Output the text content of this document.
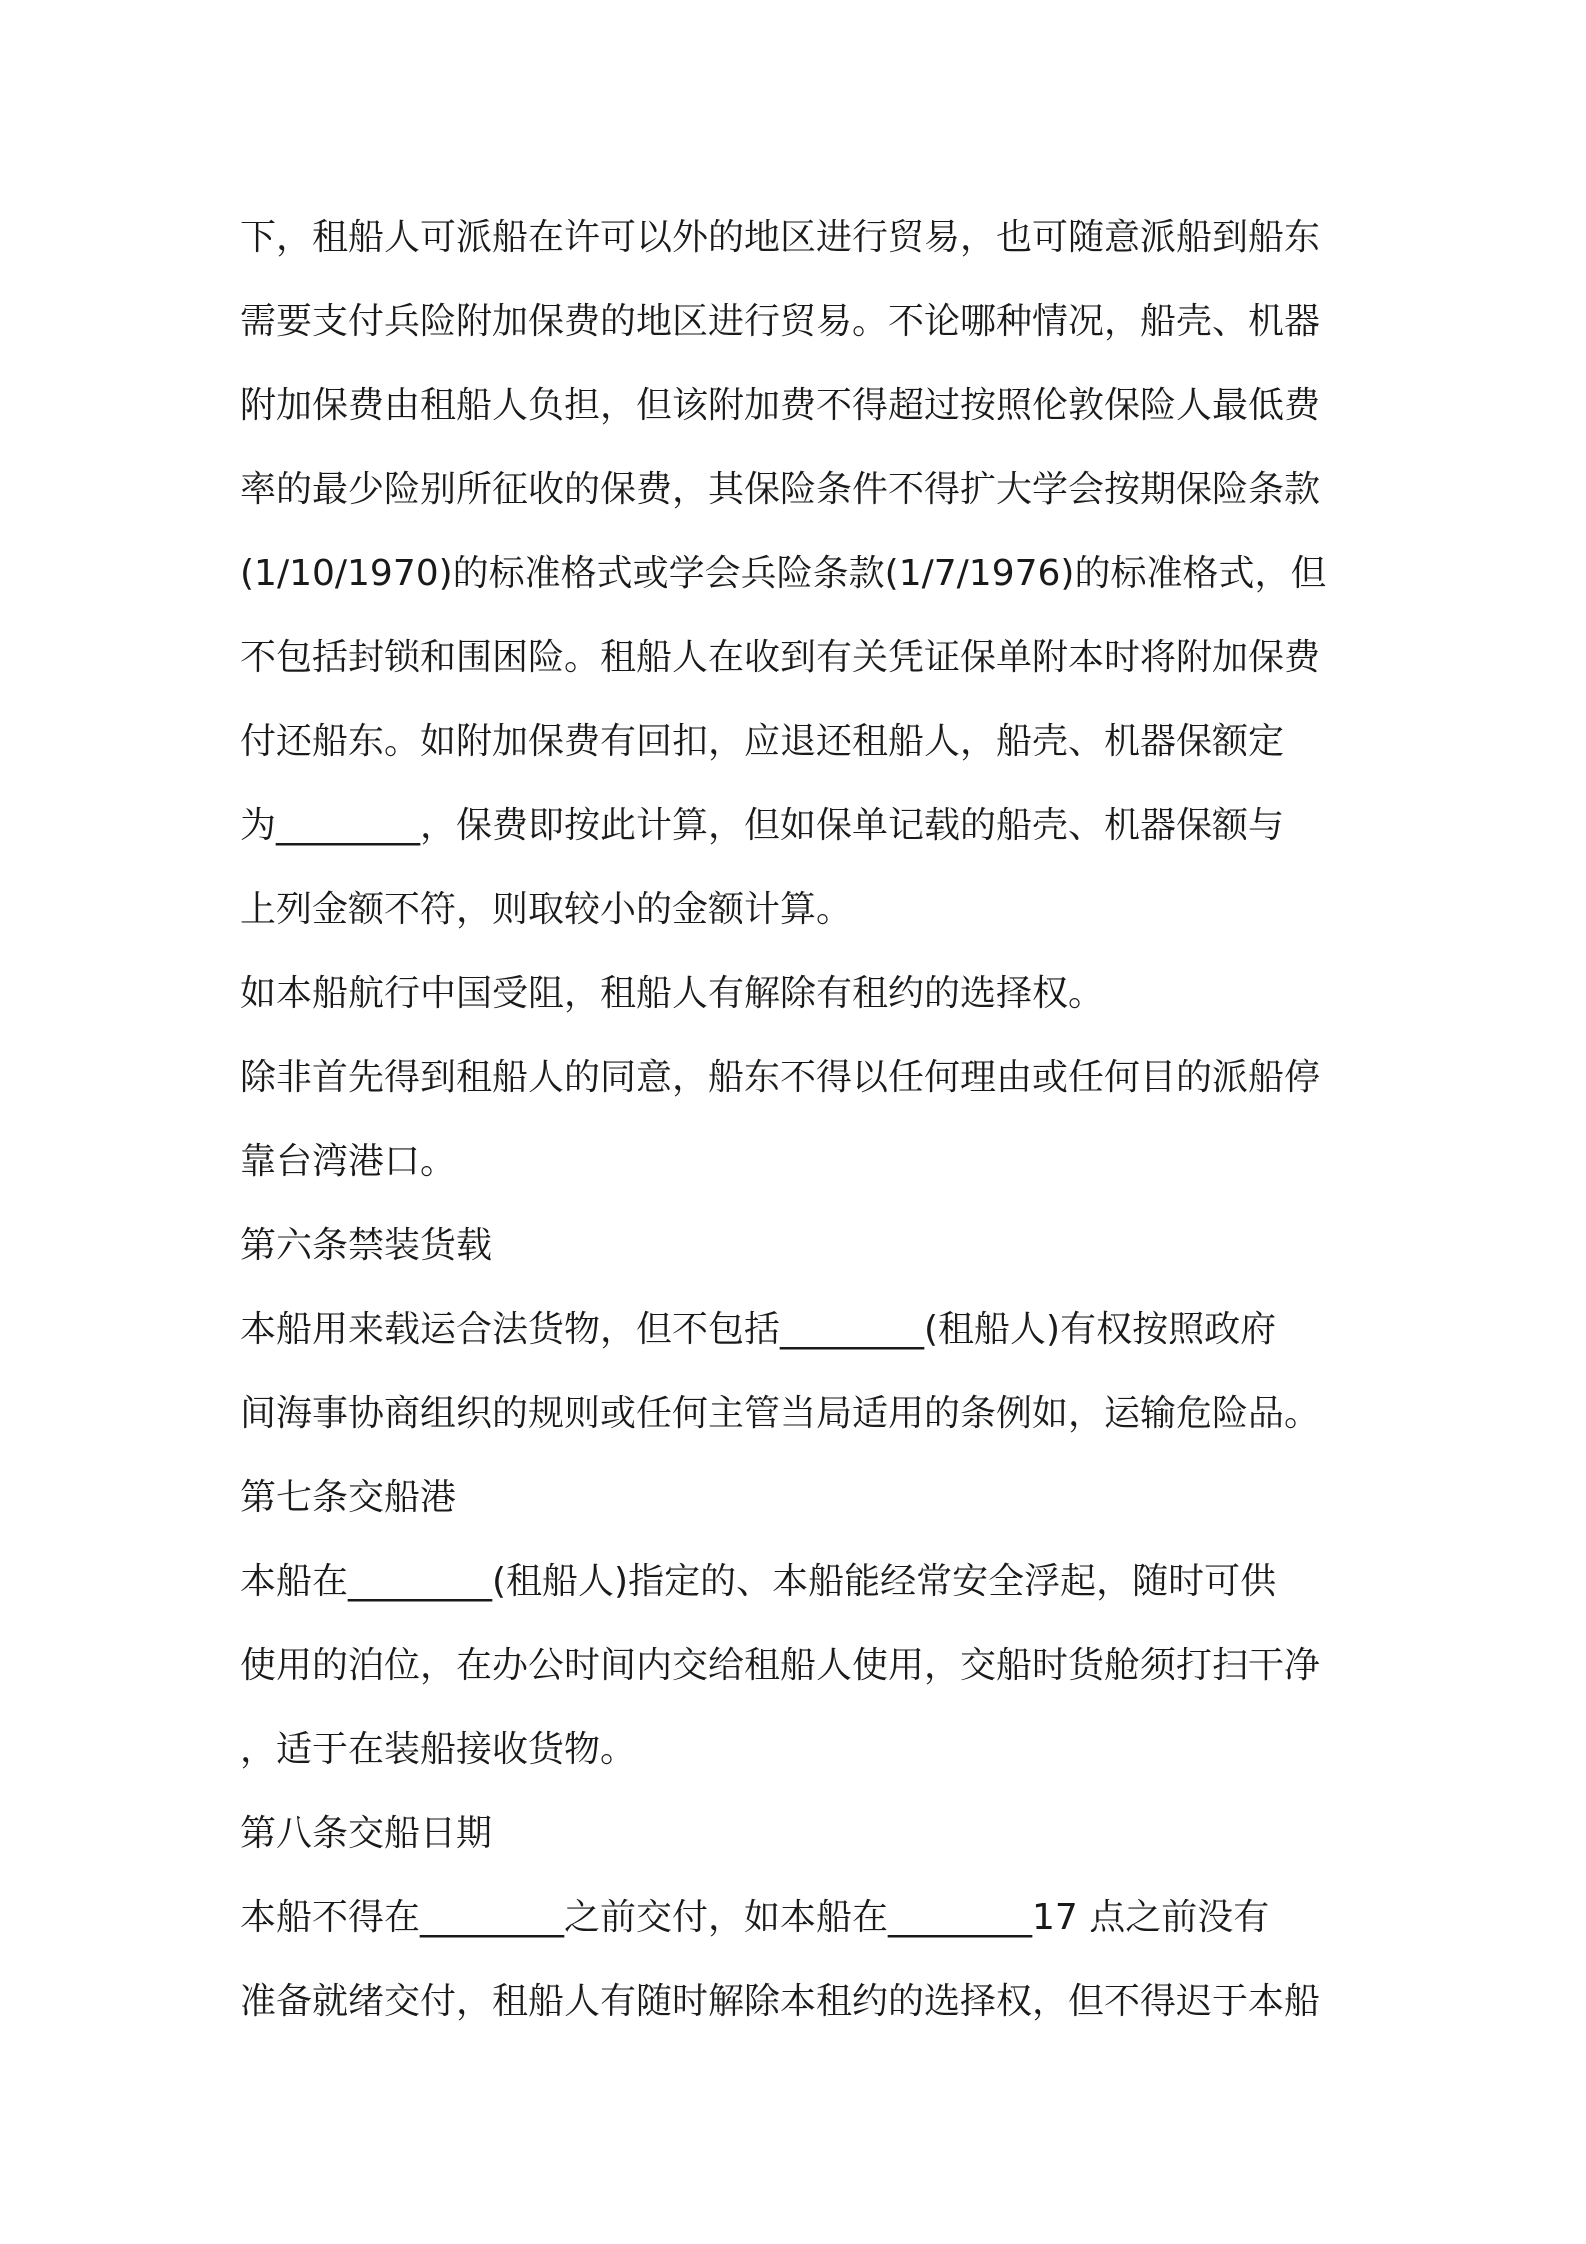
下，租船人可派船在许可以外的地区进行贸易，也可随意派船到船东

需要支付兵险附加保费的地区进行贸易。不论哪种情况，船壳、机器

附加保费由租船人负担，但该附加费不得超过按照伦敦保险人最低费

率的最少险别所征收的保费，其保险条件不得扩大学会按期保险条款

(1/10/1970)的标准格式或学会兵险条款(1/7/1976)的标准格式，但

不包括封锁和围困险。租船人在收到有关凭证保单附本时将附加保费

付还船东。如附加保费有回扣，应退还租船人，船壳、机器保额定

为________，保费即按此计算，但如保单记载的船壳、机器保额与

上列金额不符，则取较小的金额计算。

如本船航行中国受阻，租船人有解除有租约的选择权。

除非首先得到租船人的同意，船东不得以任何理由或任何目的派船停

靠台湾港口。

第六条禁装货载

本船用来载运合法货物，但不包括________(租船人)有权按照政府

间海事协商组织的规则或任何主管当局适用的条例如，运输危险品。

第七条交船港

本船在________(租船人)指定的、本船能经常安全浮起，随时可供

使用的泊位，在办公时间内交给租船人使用，交船时货舱须打扫干净

，适于在装船接收货物。

第八条交船日期

本船不得在________之前交付，如本船在________17 点之前没有

准备就绪交付，租船人有随时解除本租约的选择权，但不得迟于本船
